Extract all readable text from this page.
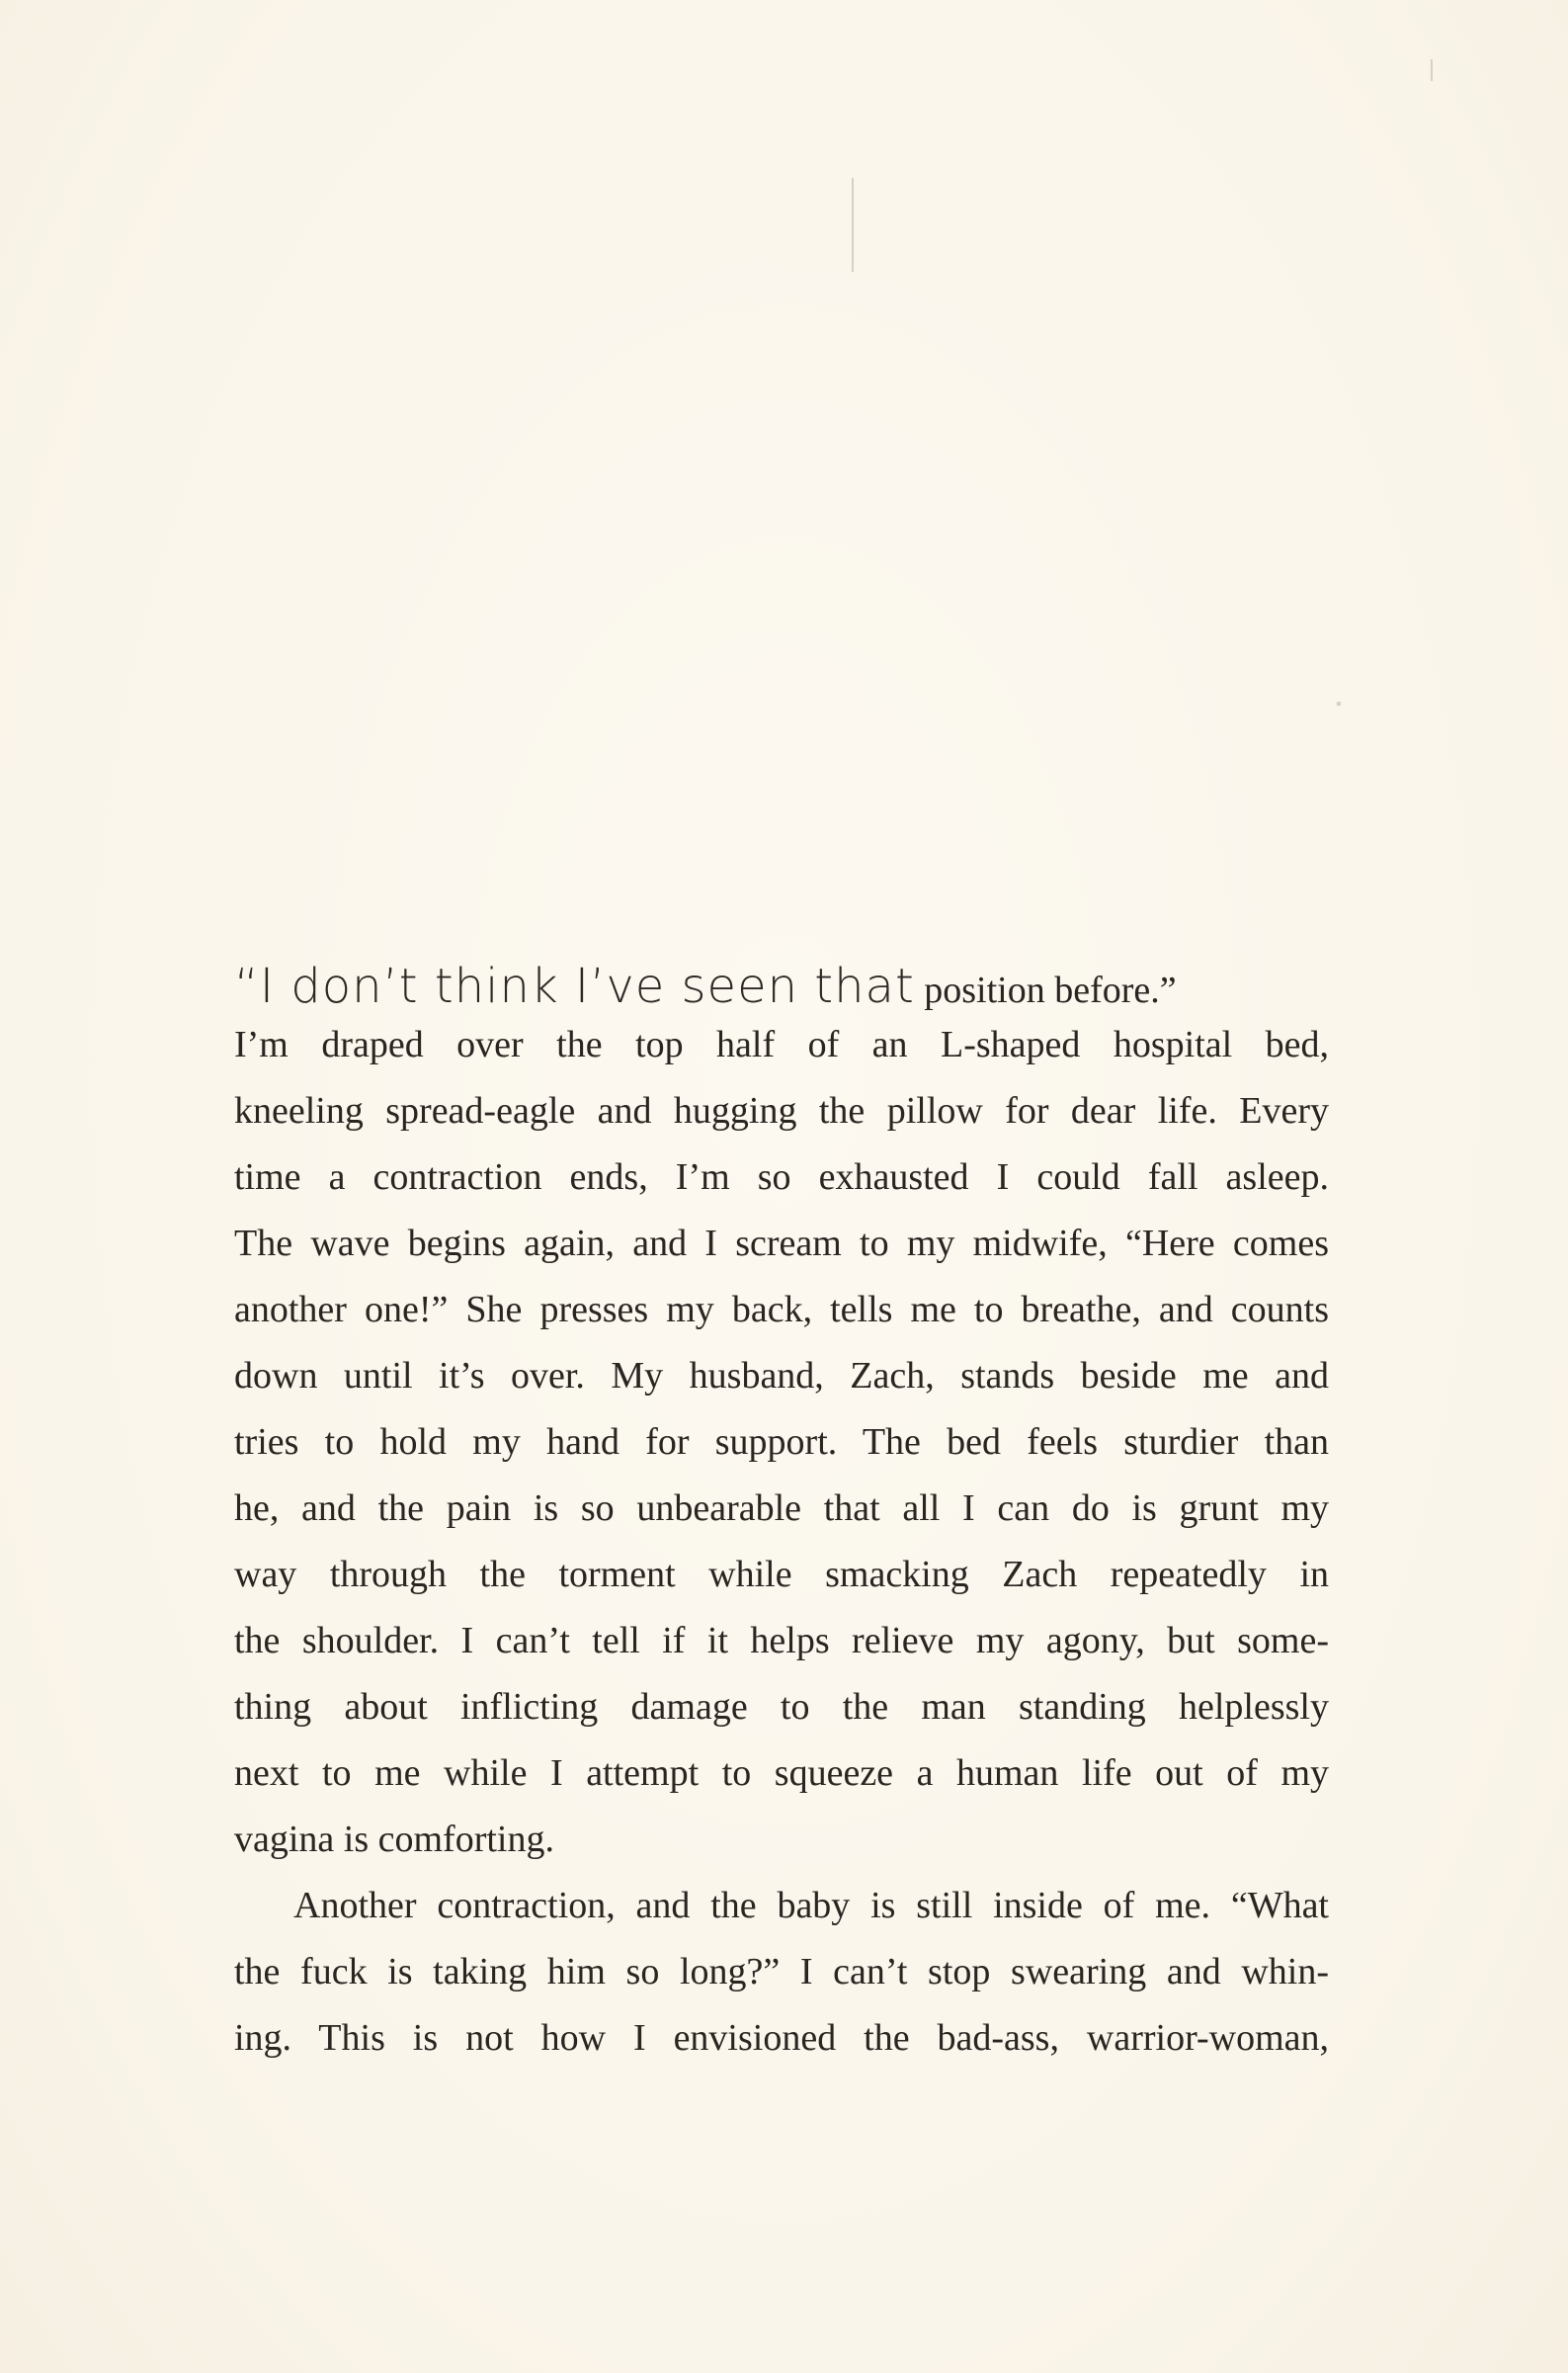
“I don’t think I’ve seen that position before.”
I’m draped over the top half of an L-shaped hospital bed,
kneeling spread-eagle and hugging the pillow for dear life. Every
time a contraction ends, I’m so exhausted I could fall asleep.
The wave begins again, and I scream to my midwife, “Here comes
another one!” She presses my back, tells me to breathe, and counts
down until it’s over. My husband, Zach, stands beside me and
tries to hold my hand for support. The bed feels sturdier than
he, and the pain is so unbearable that all I can do is grunt my
way through the torment while smacking Zach repeatedly in
the shoulder. I can’t tell if it helps relieve my agony, but some-
thing about inflicting damage to the man standing helplessly
next to me while I attempt to squeeze a human life out of my
vagina is comforting.
Another contraction, and the baby is still inside of me. “What
the fuck is taking him so long?” I can’t stop swearing and whin-
ing. This is not how I envisioned the bad-ass, warrior-woman,
